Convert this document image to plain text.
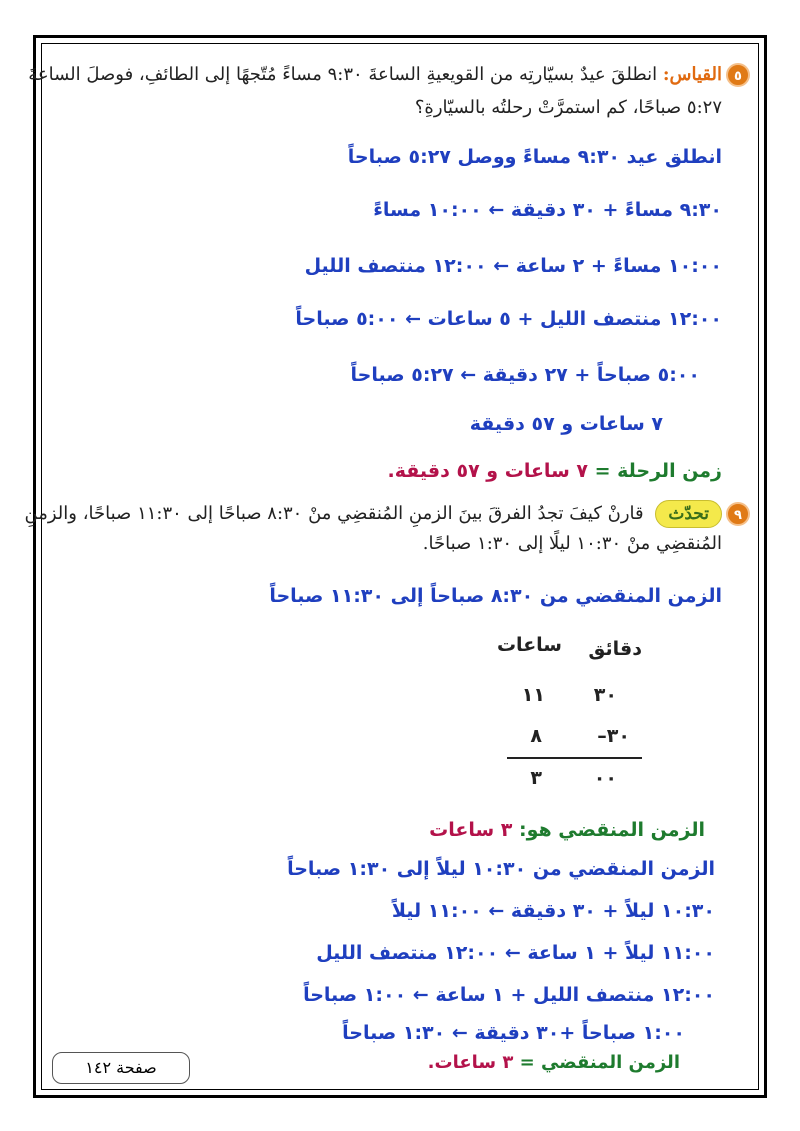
٥
القياس: انطلقَ عيدٌ بسيّارتِه من القويعيةِ الساعةَ ٩:٣٠ مساءً مُتّجهًا إلى الطائفِ، فوصلَ الساعةَ
٥:٢٧ صباحًا، كم استمرَّتْ رحلتُه بالسيّارةِ؟
انطلق عيد ٩:٣٠ مساءً ووصل ٥:٢٧ صباحاً
٩:٣٠ مساءً + ٣٠ دقيقة ← ١٠:٠٠ مساءً
١٠:٠٠ مساءً + ٢ ساعة ← ١٢:٠٠ منتصف الليل
١٢:٠٠ منتصف الليل + ٥ ساعات ← ٥:٠٠ صباحاً
٥:٠٠ صباحاً + ٢٧ دقيقة ← ٥:٢٧ صباحاً
٧ ساعات و ٥٧ دقيقة
زمن الرحلة = ٧ ساعات و ٥٧ دقيقة.
٩
تحدّث قارنْ كيفَ تجدُ الفرقَ بينَ الزمنِ المُنقضِي منْ ٨:٣٠ صباحًا إلى ١١:٣٠ صباحًا، والزمنِ
المُنقضِي منْ ١٠:٣٠ ليلًا إلى ١:٣٠ صباحًا.
الزمن المنقضي من ٨:٣٠ صباحاً إلى ١١:٣٠ صباحاً
ساعات دقائق
١١	٣٠
٨	٣٠–
٣	٠٠
الزمن المنقضي هو: ٣ ساعات
الزمن المنقضي من ١٠:٣٠ ليلاً إلى ١:٣٠ صباحاً
١٠:٣٠ ليلاً + ٣٠ دقيقة ← ١١:٠٠ ليلاً
١١:٠٠ ليلاً + ١ ساعة ← ١٢:٠٠ منتصف الليل
١٢:٠٠ منتصف الليل + ١ ساعة ← ١:٠٠ صباحاً
١:٠٠ صباحاً +٣٠ دقيقة ← ١:٣٠ صباحاً
صفحة ١٤٢	الزمن المنقضي = ٣ ساعات.
